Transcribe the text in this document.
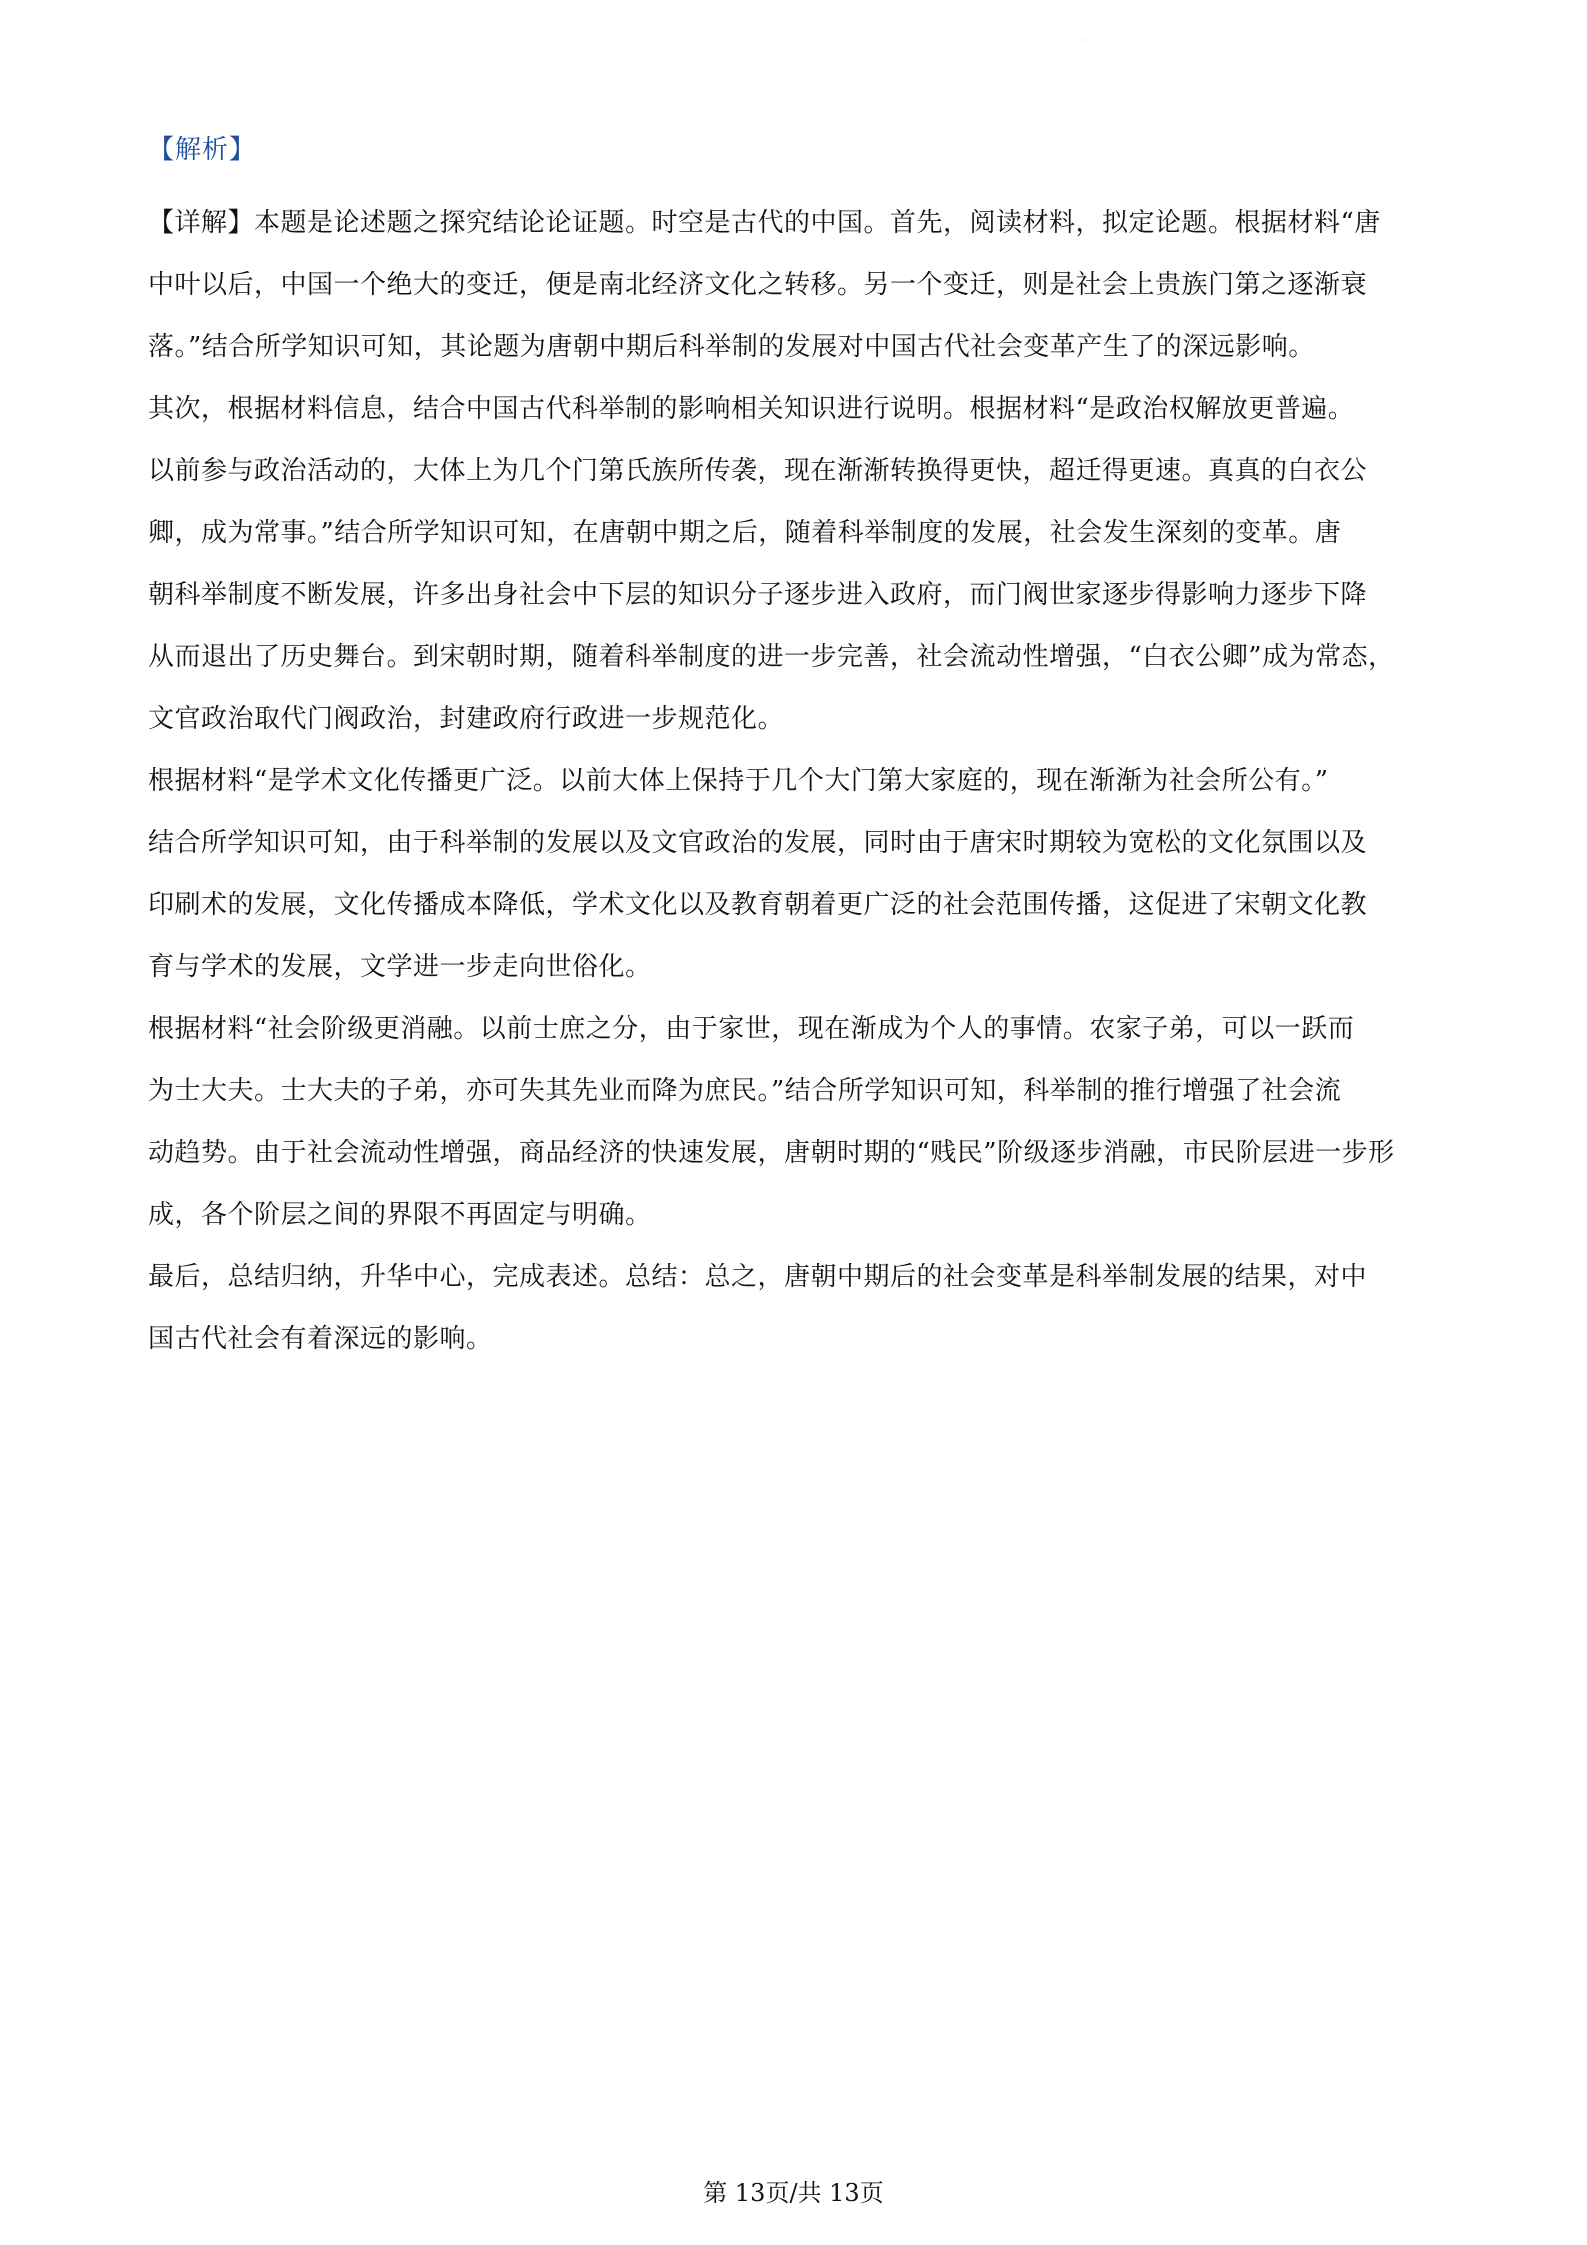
·
【解析】
【详解】本题是论述题之探究结论论证题。时空是古代的中国。首先，阅读材料，拟定论题。根据材料“唐
中叶以后，中国一个绝大的变迁，便是南北经济文化之转移。另一个变迁，则是社会上贵族门第之逐渐衰
落。”结合所学知识可知，其论题为唐朝中期后科举制的发展对中国古代社会变革产生了的深远影响。
其次，根据材料信息，结合中国古代科举制的影响相关知识进行说明。根据材料“是政治权解放更普遍。
以前参与政治活动的，大体上为几个门第氏族所传袭，现在渐渐转换得更快，超迁得更速。真真的白衣公
卿，成为常事。”结合所学知识可知，在唐朝中期之后，随着科举制度的发展，社会发生深刻的变革。唐
朝科举制度不断发展，许多出身社会中下层的知识分子逐步进入政府，而门阀世家逐步得影响力逐步下降
从而退出了历史舞台。到宋朝时期，随着科举制度的进一步完善，社会流动性增强，“白衣公卿”成为常态，
文官政治取代门阀政治，封建政府行政进一步规范化。
根据材料“是学术文化传播更广泛。以前大体上保持于几个大门第大家庭的，现在渐渐为社会所公有。”
结合所学知识可知，由于科举制的发展以及文官政治的发展，同时由于唐宋时期较为宽松的文化氛围以及
印刷术的发展，文化传播成本降低，学术文化以及教育朝着更广泛的社会范围传播，这促进了宋朝文化教
育与学术的发展，文学进一步走向世俗化。
根据材料“社会阶级更消融。以前士庶之分，由于家世，现在渐成为个人的事情。农家子弟，可以一跃而
为士大夫。士大夫的子弟，亦可失其先业而降为庶民。”结合所学知识可知，科举制的推行增强了社会流
动趋势。由于社会流动性增强，商品经济的快速发展，唐朝时期的“贱民”阶级逐步消融，市民阶层进一步形
成，各个阶层之间的界限不再固定与明确。
最后，总结归纳，升华中心，完成表述。总结：总之，唐朝中期后的社会变革是科举制发展的结果，对中
国古代社会有着深远的影响。
第 13页/共 13页
